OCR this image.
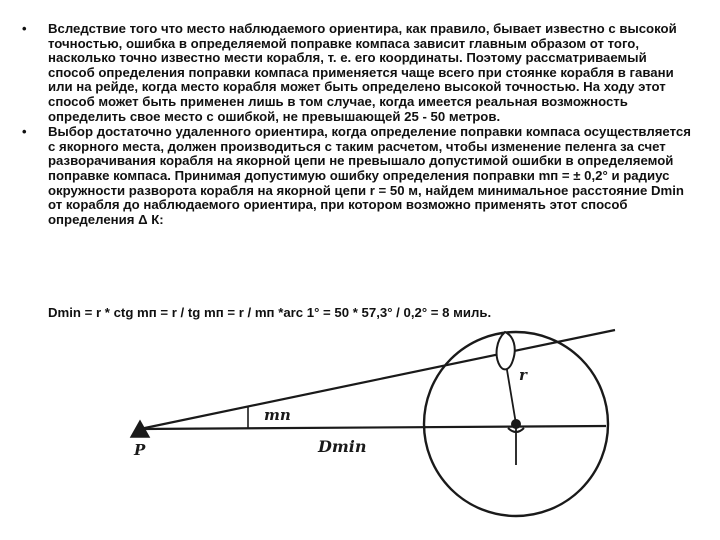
• Вследствие того что место наблюдаемого ориентира, как правило, бывает известно с высокой точностью, ошибка в определяемой поправке компаса зависит главным образом от того, насколько точно известно мести корабля, т. е. его координаты. Поэтому рассматриваемый способ определения поправки компаса применяется чаще всего при стоянке корабля в гавани или на рейде, когда место корабля может быть определено высокой точностью. На ходу этот способ может быть применен лишь в том случае, когда имеется реальная возможность определить свое место с ошибкой, не превышающей 25 - 50 метров.
• Выбор достаточно удаленного ориентира, когда определение поправки компаса осуществляется с якорного места, должен производиться с таким расчетом, чтобы изменение пеленга за счет разворачивания корабля на якорной цепи не превышало допустимой ошибки в определяемой поправке компаса. Принимая допустимую ошибку определения поправки mп = ± 0,2° и радиус окружности разворота корабля на якорной цепи r = 50 м, найдем минимальное расстояние Dmin от корабля до наблюдаемого ориентира, при котором возможно применять этот способ определения Δ К:
Dmin = r * ctg mп = r / tg mп = r / mп *arc 1° = 50 * 57,3° / 0,2° = 8 миль.
P
mп
Dmin
r
